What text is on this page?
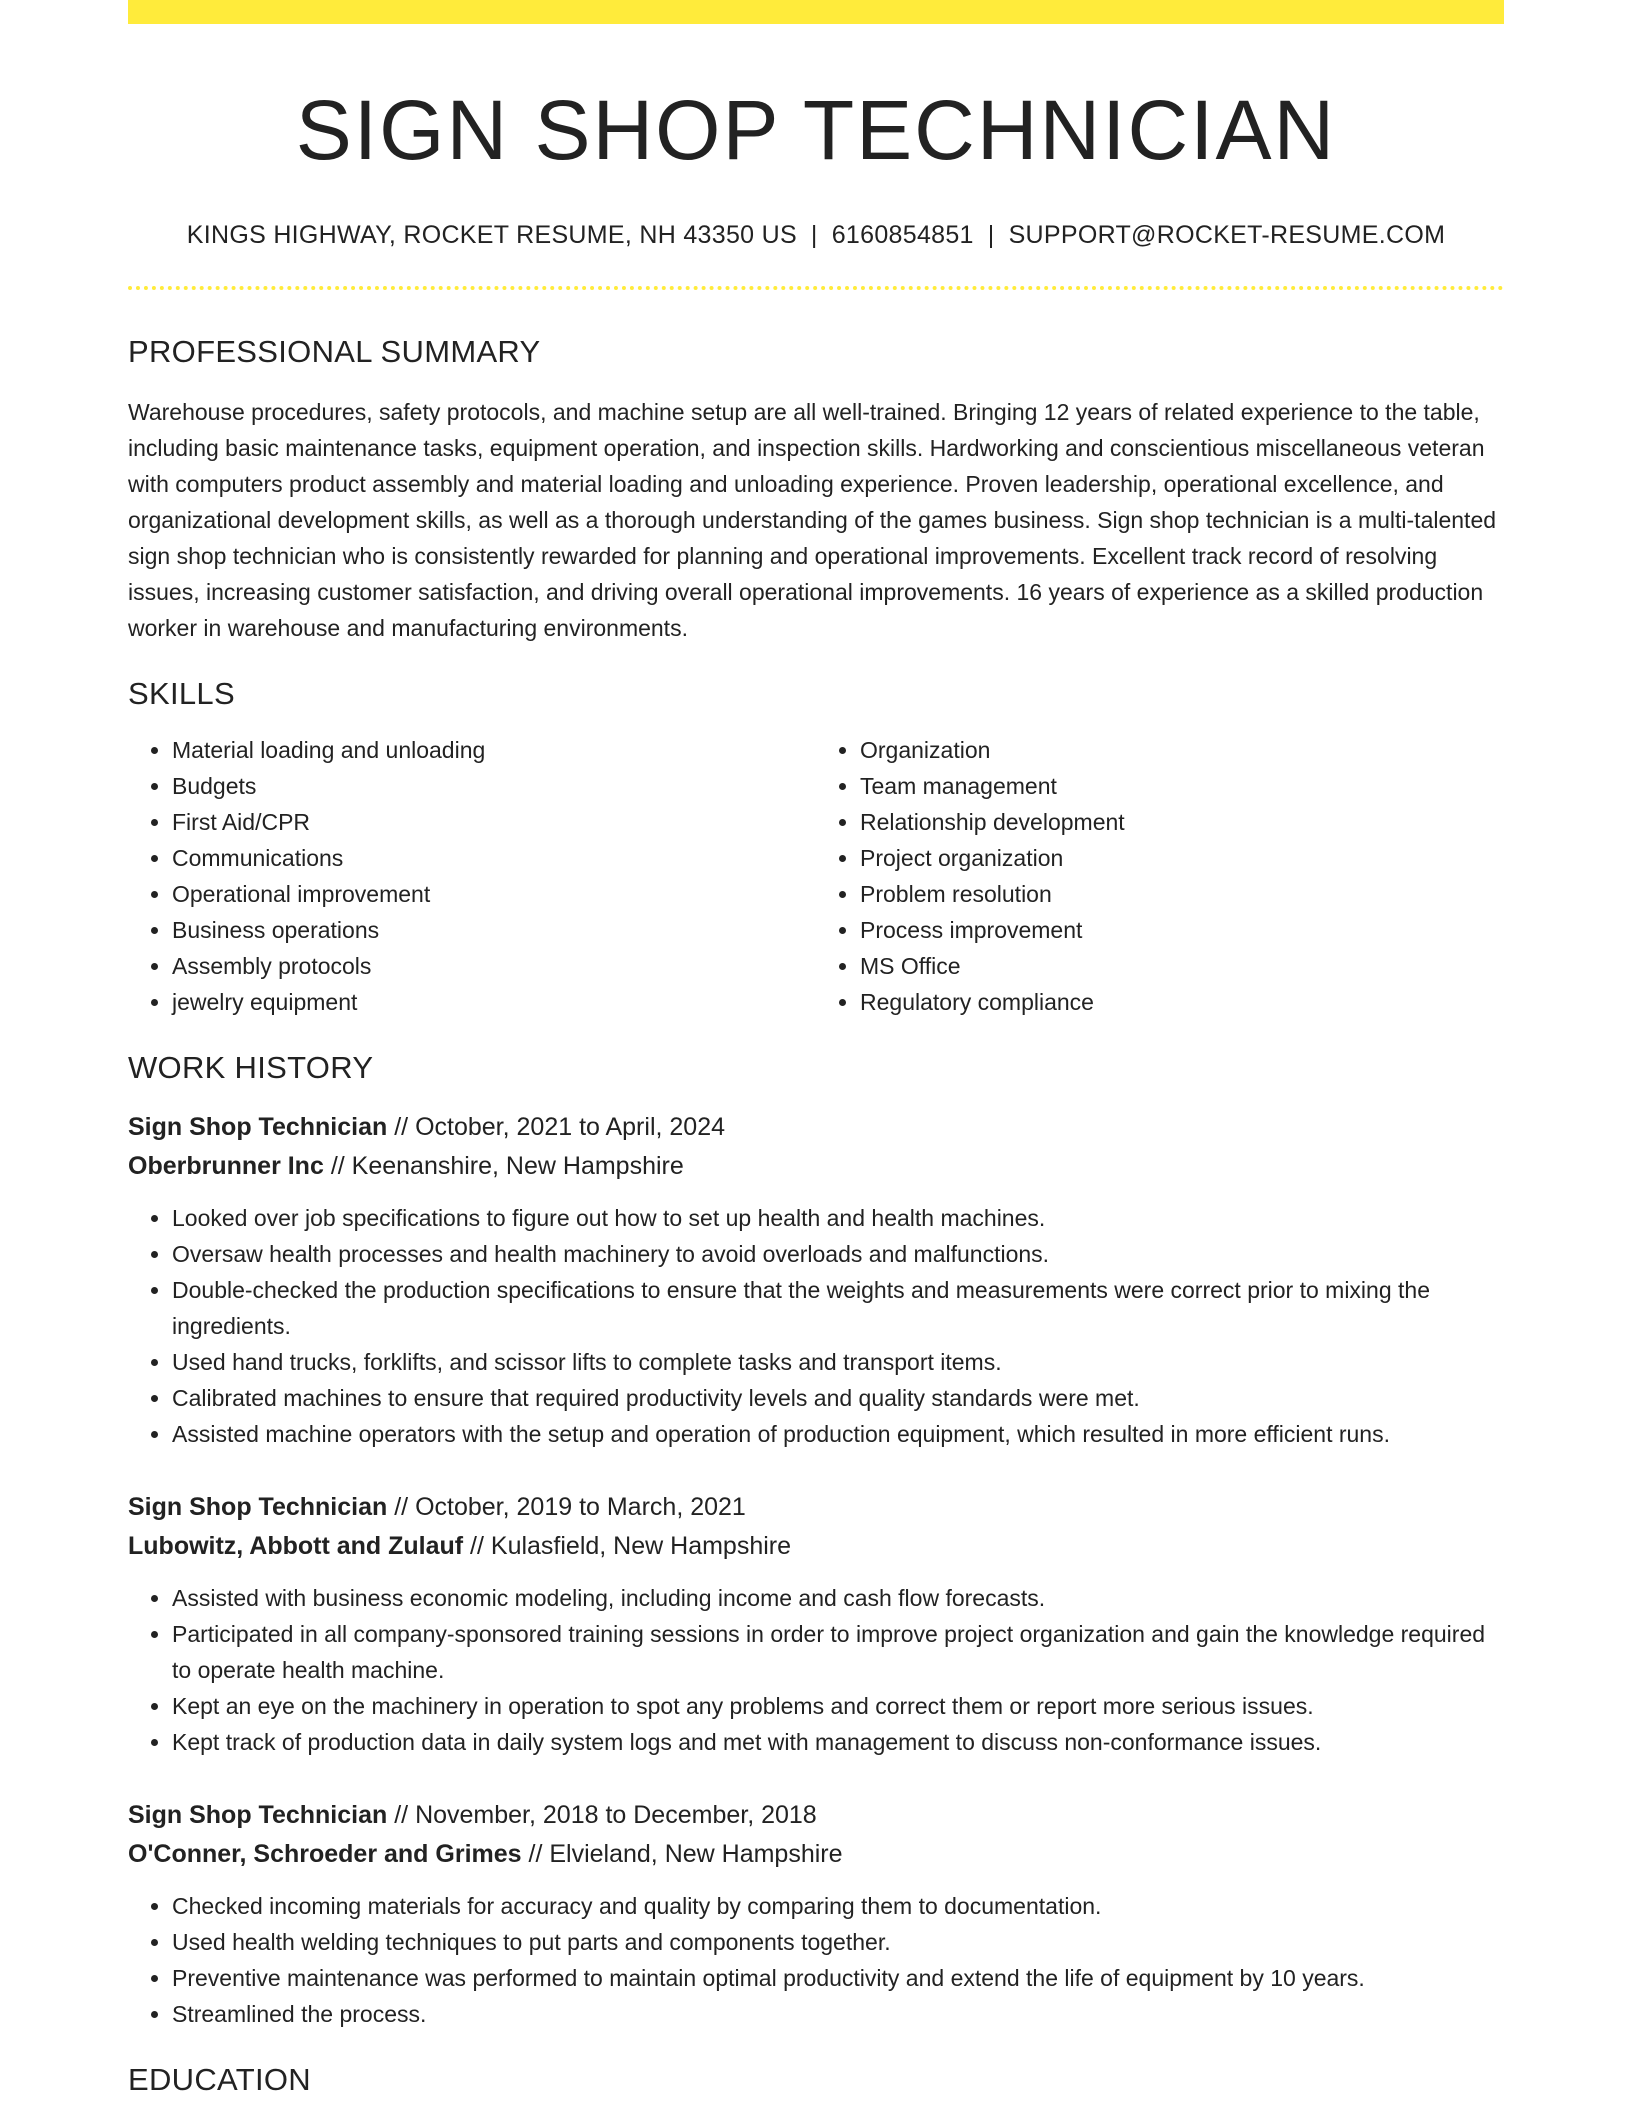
SIGN SHOP TECHNICIAN
KINGS HIGHWAY, ROCKET RESUME, NH 43350 US | 6160854851 | SUPPORT@ROCKET-RESUME.COM
PROFESSIONAL SUMMARY

Warehouse procedures, safety protocols, and machine setup are all well-trained. Bringing 12 years of related experience to the table, including basic maintenance tasks, equipment operation, and inspection skills. Hardworking and conscientious miscellaneous veteran with computers product assembly and material loading and unloading experience. Proven leadership, operational excellence, and organizational development skills, as well as a thorough understanding of the games business. Sign shop technician is a multi-talented sign shop technician who is consistently rewarded for planning and operational improvements. Excellent track record of resolving issues, increasing customer satisfaction, and driving overall operational improvements. 16 years of experience as a skilled production worker in warehouse and manufacturing environments.

SKILLS
• Material loading and unloading
• Budgets
• First Aid/CPR
• Communications
• Operational improvement
• Business operations
• Assembly protocols
• jewelry equipment
• Organization
• Team management
• Relationship development
• Project organization
• Problem resolution
• Process improvement
• MS Office
• Regulatory compliance
WORK HISTORY
Sign Shop Technician // October, 2021 to April, 2024
Oberbrunner Inc // Keenanshire, New Hampshire
• Looked over job specifications to figure out how to set up health and health machines.
• Oversaw health processes and health machinery to avoid overloads and malfunctions.
• Double-checked the production specifications to ensure that the weights and measurements were correct prior to mixing the ingredients.
• Used hand trucks, forklifts, and scissor lifts to complete tasks and transport items.
• Calibrated machines to ensure that required productivity levels and quality standards were met.
• Assisted machine operators with the setup and operation of production equipment, which resulted in more efficient runs.
Sign Shop Technician // October, 2019 to March, 2021
Lubowitz, Abbott and Zulauf // Kulasfield, New Hampshire
• Assisted with business economic modeling, including income and cash flow forecasts.
• Participated in all company-sponsored training sessions in order to improve project organization and gain the knowledge required to operate health machine.
• Kept an eye on the machinery in operation to spot any problems and correct them or report more serious issues.
• Kept track of production data in daily system logs and met with management to discuss non-conformance issues.
Sign Shop Technician // November, 2018 to December, 2018
O'Conner, Schroeder and Grimes // Elvieland, New Hampshire
• Checked incoming materials for accuracy and quality by comparing them to documentation.
• Used health welding techniques to put parts and components together.
• Preventive maintenance was performed to maintain optimal productivity and extend the life of equipment by 10 years.
• Streamlined the process.
EDUCATION
